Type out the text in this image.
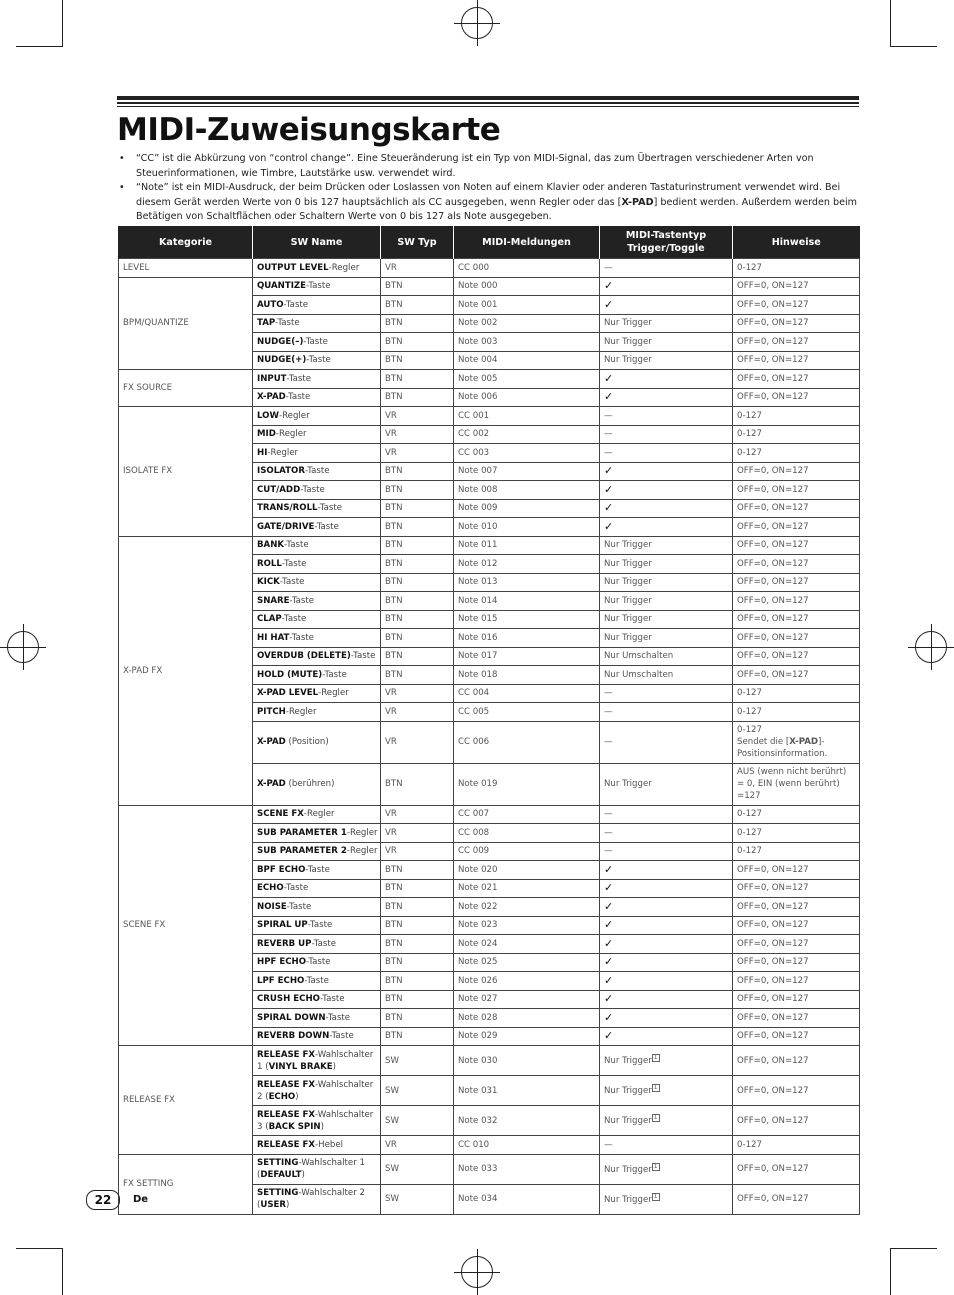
MIDI-Zuweisungskarte
• “CC” ist die Abkürzung von “control change”. Eine Steueränderung ist ein Typ von MIDI-Signal, das zum Übertragen verschiedener Arten von Steuerinformationen, wie Timbre, Lautstärke usw. verwendet wird.
• “Note” ist ein MIDI-Ausdruck, der beim Drücken oder Loslassen von Noten auf einem Klavier oder anderen Tastaturinstrument verwendet wird. Bei diesem Gerät werden Werte von 0 bis 127 hauptsächlich als CC ausgegeben, wenn Regler oder das [X-PAD] bedient werden. Außerdem werden beim Betätigen von Schaltflächen oder Schaltern Werte von 0 bis 127 als Note ausgegeben.
Kategorie	SW Name	SW Typ	MIDI-Meldungen	MIDI-Tastentyp Trigger/Toggle	Hinweise
LEVEL	OUTPUT LEVEL-Regler	VR	CC 000	—	0-127
BPM/QUANTIZE	QUANTIZE-Taste	BTN	Note 000	✓	OFF=0, ON=127
	AUTO-Taste	BTN	Note 001	✓	OFF=0, ON=127
	TAP-Taste	BTN	Note 002	Nur Trigger	OFF=0, ON=127
	NUDGE(–)-Taste	BTN	Note 003	Nur Trigger	OFF=0, ON=127
	NUDGE(+)-Taste	BTN	Note 004	Nur Trigger	OFF=0, ON=127
FX SOURCE	INPUT-Taste	BTN	Note 005	✓	OFF=0, ON=127
	X-PAD-Taste	BTN	Note 006	✓	OFF=0, ON=127
ISOLATE FX	LOW-Regler	VR	CC 001	—	0-127
	MID-Regler	VR	CC 002	—	0-127
	HI-Regler	VR	CC 003	—	0-127
	ISOLATOR-Taste	BTN	Note 007	✓	OFF=0, ON=127
	CUT/ADD-Taste	BTN	Note 008	✓	OFF=0, ON=127
	TRANS/ROLL-Taste	BTN	Note 009	✓	OFF=0, ON=127
	GATE/DRIVE-Taste	BTN	Note 010	✓	OFF=0, ON=127
X-PAD FX	BANK-Taste	BTN	Note 011	Nur Trigger	OFF=0, ON=127
	ROLL-Taste	BTN	Note 012	Nur Trigger	OFF=0, ON=127
	KICK-Taste	BTN	Note 013	Nur Trigger	OFF=0, ON=127
	SNARE-Taste	BTN	Note 014	Nur Trigger	OFF=0, ON=127
	CLAP-Taste	BTN	Note 015	Nur Trigger	OFF=0, ON=127
	HI HAT-Taste	BTN	Note 016	Nur Trigger	OFF=0, ON=127
	OVERDUB (DELETE)-Taste	BTN	Note 017	Nur Umschalten	OFF=0, ON=127
	HOLD (MUTE)-Taste	BTN	Note 018	Nur Umschalten	OFF=0, ON=127
	X-PAD LEVEL-Regler	VR	CC 004	—	0-127
	PITCH-Regler	VR	CC 005	—	0-127
	X-PAD (Position)	VR	CC 006	—	0-127
Sendet die [X-PAD]-Positionsinformation.
	X-PAD (berühren)	BTN	Note 019	Nur Trigger	AUS (wenn nicht berührt) = 0, EIN (wenn berührt) =127
SCENE FX	SCENE FX-Regler	VR	CC 007	—	0-127
	SUB PARAMETER 1-Regler	VR	CC 008	—	0-127
	SUB PARAMETER 2-Regler	VR	CC 009	—	0-127
	BPF ECHO-Taste	BTN	Note 020	✓	OFF=0, ON=127
	ECHO-Taste	BTN	Note 021	✓	OFF=0, ON=127
	NOISE-Taste	BTN	Note 022	✓	OFF=0, ON=127
	SPIRAL UP-Taste	BTN	Note 023	✓	OFF=0, ON=127
	REVERB UP-Taste	BTN	Note 024	✓	OFF=0, ON=127
	HPF ECHO-Taste	BTN	Note 025	✓	OFF=0, ON=127
	LPF ECHO-Taste	BTN	Note 026	✓	OFF=0, ON=127
	CRUSH ECHO-Taste	BTN	Note 027	✓	OFF=0, ON=127
	SPIRAL DOWN-Taste	BTN	Note 028	✓	OFF=0, ON=127
	REVERB DOWN-Taste	BTN	Note 029	✓	OFF=0, ON=127
RELEASE FX	RELEASE FX-Wahlschalter 1 (VINYL BRAKE)	SW	Note 030	Nur Trigger 1	OFF=0, ON=127
	RELEASE FX-Wahlschalter 2 (ECHO)	SW	Note 031	Nur Trigger 1	OFF=0, ON=127
	RELEASE FX-Wahlschalter 3 (BACK SPIN)	SW	Note 032	Nur Trigger 1	OFF=0, ON=127
	RELEASE FX-Hebel	VR	CC 010	—	0-127
FX SETTING	SETTING-Wahlschalter 1 (DEFAULT)	SW	Note 033	Nur Trigger 1	OFF=0, ON=127
	SETTING-Wahlschalter 2 (USER)	SW	Note 034	Nur Trigger 1	OFF=0, ON=127
22	De
